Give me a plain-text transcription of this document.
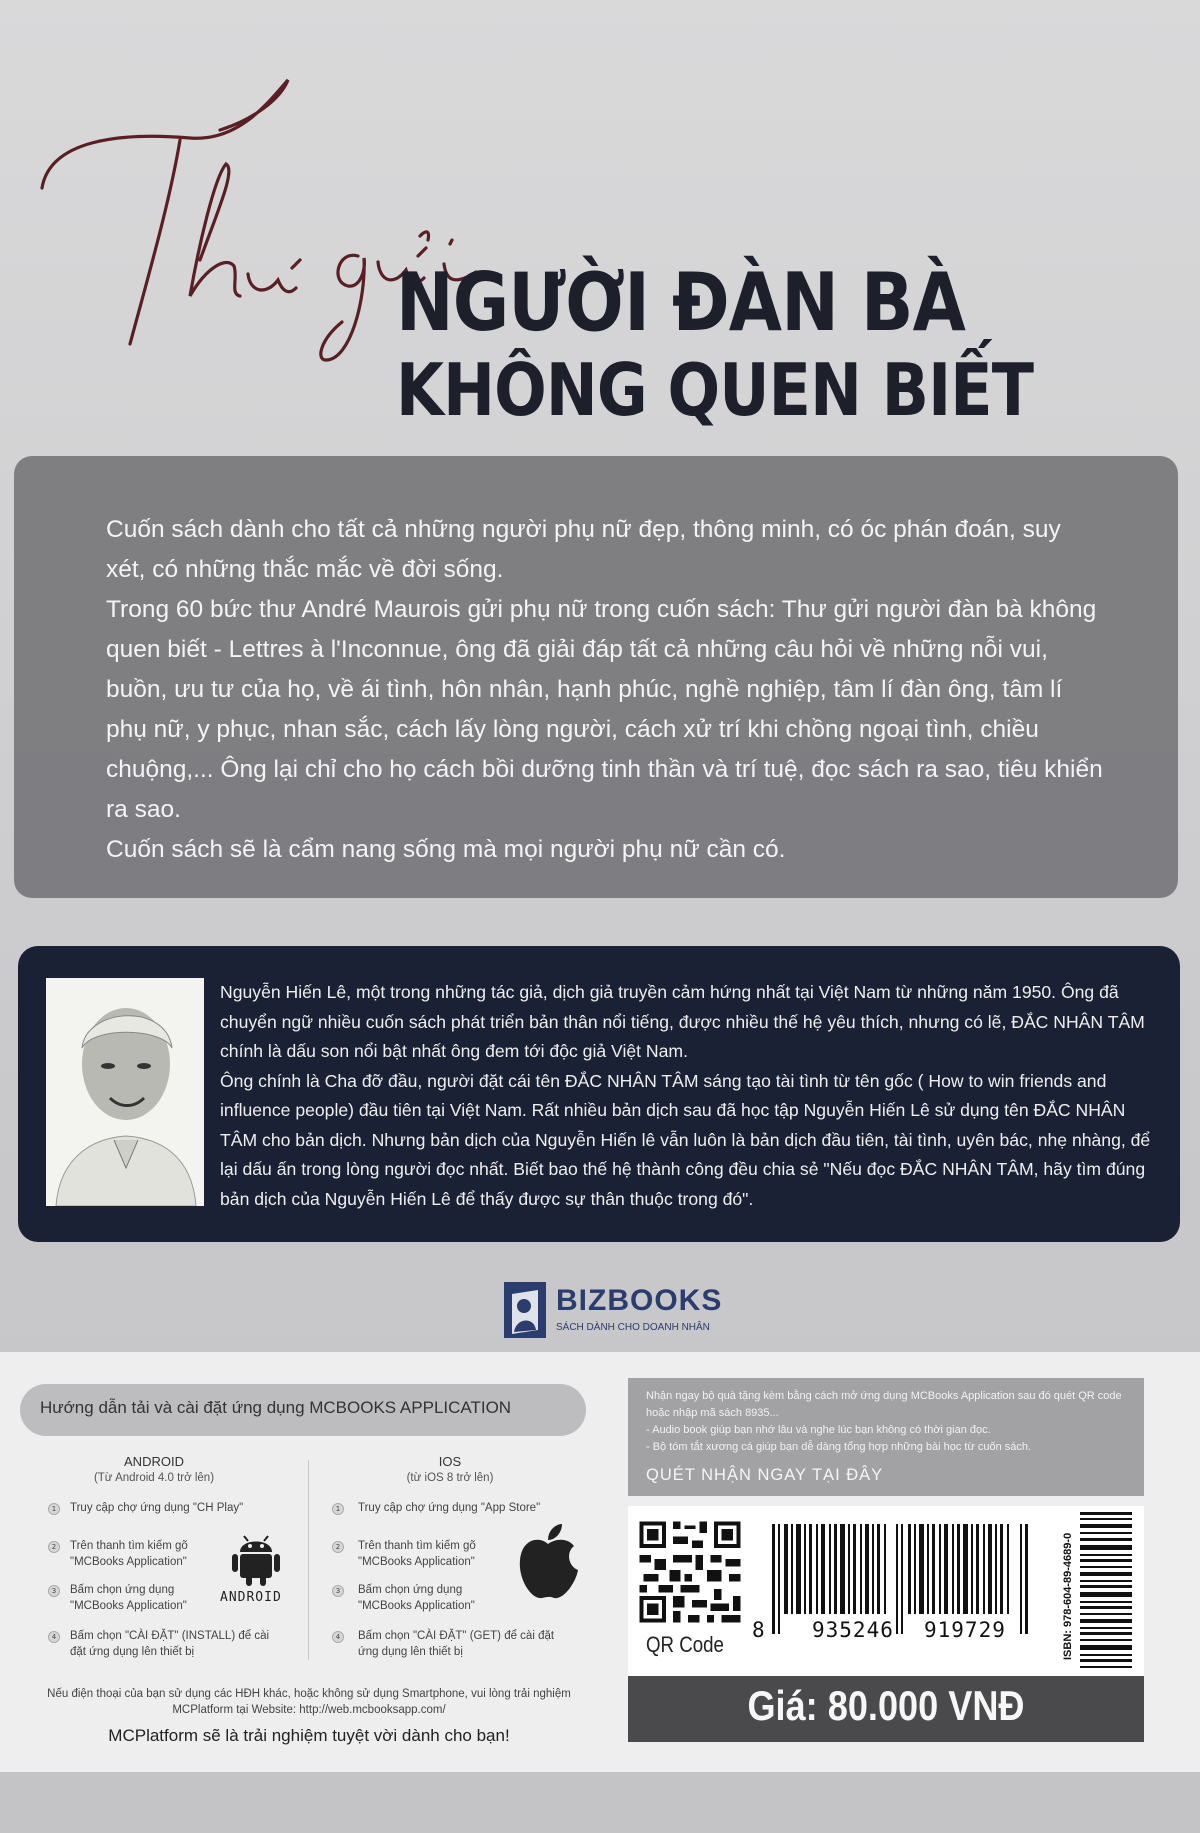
NGƯỜI ĐÀN BÀ
KHÔNG QUEN BIẾT

Cuốn sách dành cho tất cả những người phụ nữ đẹp, thông minh, có óc phán đoán, suy xét, có những thắc mắc về đời sống.

Trong 60 bức thư André Maurois gửi phụ nữ trong cuốn sách: Thư gửi người đàn bà không quen biết - Lettres à l'Inconnue, ông đã giải đáp tất cả những câu hỏi về những nỗi vui, buồn, ưu tư của họ, về ái tình, hôn nhân, hạnh phúc, nghề nghiệp, tâm lí đàn ông, tâm lí phụ nữ, y phục, nhan sắc, cách lấy lòng người, cách xử trí khi chồng ngoại tình, chiều chuộng,... Ông lại chỉ cho họ cách bồi dưỡng tinh thần và trí tuệ, đọc sách ra sao, tiêu khiển ra sao.

Cuốn sách sẽ là cẩm nang sống mà mọi người phụ nữ cần có.

Nguyễn Hiến Lê, một trong những tác giả, dịch giả truyền cảm hứng nhất tại Việt Nam từ những năm 1950. Ông đã chuyển ngữ nhiều cuốn sách phát triển bản thân nổi tiếng, được nhiều thế hệ yêu thích, nhưng có lẽ, ĐẮC NHÂN TÂM chính là dấu son nổi bật nhất ông đem tới độc giả Việt Nam.

Ông chính là Cha đỡ đầu, người đặt cái tên ĐẮC NHÂN TÂM sáng tạo tài tình từ tên gốc ( How to win friends and influence people) đầu tiên tại Việt Nam. Rất nhiều bản dịch sau đã học tập Nguyễn Hiến Lê sử dụng tên ĐẮC NHÂN TÂM cho bản dịch. Nhưng bản dịch của Nguyễn Hiến lê vẫn luôn là bản dịch đầu tiên, tài tình, uyên bác, nhẹ nhàng, để lại dấu ấn trong lòng người đọc nhất. Biết bao thế hệ thành công đều chia sẻ "Nếu đọc ĐẮC NHÂN TÂM, hãy tìm đúng bản dịch của Nguyễn Hiến Lê để thấy được sự thân thuộc trong đó".

BIZBOOKS
SÁCH DÀNH CHO DOANH NHÂN
Hướng dẫn tải và cài đặt ứng dụng MCBOOKS APPLICATION
ANDROID
(Từ Android 4.0 trở lên)
IOS
(từ iOS 8 trở lên)
1	Truy cập chợ ứng dụng "CH Play"
2	Trên thanh tìm kiếm gõ "MCBooks Application"
3	Bấm chọn ứng dụng "MCBooks Application"
4	Bấm chọn "CÀI ĐẶT" (INSTALL) để cài đặt ứng dụng lên thiết bị
ANDROID
1	Truy cập chợ ứng dụng "App Store"
2	Trên thanh tìm kiếm gõ "MCBooks Application"
3	Bấm chọn ứng dụng "MCBooks Application"
4	Bấm chọn "CÀI ĐẶT" (GET) để cài đặt ứng dụng lên thiết bị
Nếu điện thoại của bạn sử dụng các HĐH khác, hoặc không sử dụng Smartphone, vui lòng trải nghiệm MCPlatform tại Website: http://web.mcbooksapp.com/
MCPlatform sẽ là trải nghiệm tuyệt vời dành cho bạn!

Nhận ngay bộ quà tặng kèm bằng cách mở ứng dụng MCBooks Application sau đó quét QR code hoặc nhập mã sách 8935...

- Audio book giúp bạn nhớ lâu và nghe lúc bạn không có thời gian đọc.

- Bộ tóm tắt xương cá giúp bạn dễ dàng tổng hợp những bài học từ cuốn sách.

QUÉT NHẬN NGAY TẠI ĐÂY
QR Code
8 935246 919729	ISBN: 978-604-89-4689-0
Giá: 80.000 VNĐ
